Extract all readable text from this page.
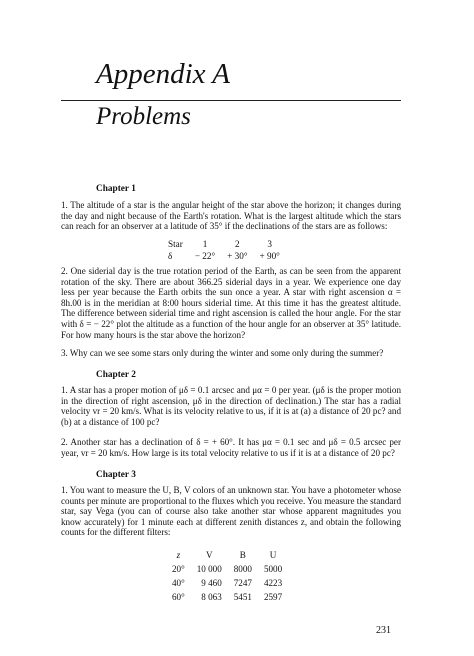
Appendix A
Problems
Chapter 1

1. The altitude of a star is the angular height of the star above the horizon; it changes during the day and night because of the Earth's rotation. What is the largest altitude which the stars can reach for an observer at a latitude of 35° if the declinations of the stars are as follows:

Star	1	2	3
δ	− 22°	+ 30°	+ 90°

2. One siderial day is the true rotation period of the Earth, as can be seen from the apparent rotation of the sky. There are about 366.25 siderial days in a year. We experience one day less per year because the Earth orbits the sun once a year. A star with right ascension α = 8h.00 is in the meridian at 8:00 hours siderial time. At this time it has the greatest altitude. The difference between siderial time and right ascension is called the hour angle. For the star with δ = − 22° plot the altitude as a function of the hour angle for an observer at 35° latitude. For how many hours is the star above the horizon?

3. Why can we see some stars only during the winter and some only during the summer?

Chapter 2

1. A star has a proper motion of μδ = 0.1 arcsec and μα = 0 per year. (μδ is the proper motion in the direction of right ascension, μδ in the direction of declination.) The star has a radial velocity vr = 20 km/s. What is its velocity relative to us, if it is at (a) a distance of 20 pc? and (b) at a distance of 100 pc?

2. Another star has a declination of δ = + 60°. It has μα = 0.1 sec and μδ = 0.5 arcsec per year, vr = 20 km/s. How large is its total velocity relative to us if it is at a distance of 20 pc?

Chapter 3

1. You want to measure the U, B, V colors of an unknown star. You have a photometer whose counts per minute are proportional to the fluxes which you receive. You measure the standard star, say Vega (you can of course also take another star whose apparent magnitudes you know accurately) for 1 minute each at different zenith distances z, and obtain the following counts for the different filters:

z	V	B	U
20°	10 000	8000	5000
40°	9 460	7247	4223
60°	8 063	5451	2597
231
